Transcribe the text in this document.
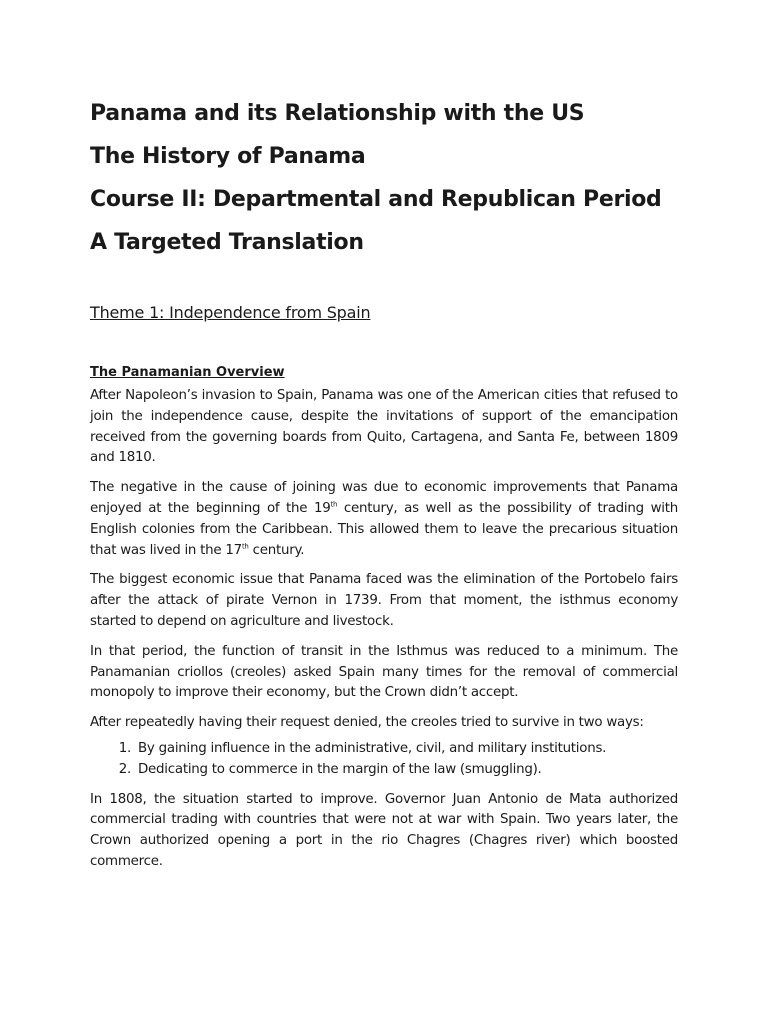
Panama and its Relationship with the US
The History of Panama
Course II: Departmental and Republican Period
A Targeted Translation
Theme 1: Independence from Spain
The Panamanian Overview

After Napoleon’s invasion to Spain, Panama was one of the American cities that refused to join the independence cause, despite the invitations of support of the emancipation received from the governing boards from Quito, Cartagena, and Santa Fe, between 1809 and 1810.

The negative in the cause of joining was due to economic improvements that Panama enjoyed at the beginning of the 19th century, as well as the possibility of trading with English colonies from the Caribbean. This allowed them to leave the precarious situation that was lived in the 17th century.

The biggest economic issue that Panama faced was the elimination of the Portobelo fairs after the attack of pirate Vernon in 1739. From that moment, the isthmus economy started to depend on agriculture and livestock.

In that period, the function of transit in the Isthmus was reduced to a minimum. The Panamanian criollos (creoles) asked Spain many times for the removal of commercial monopoly to improve their economy, but the Crown didn’t accept.

After repeatedly having their request denied, the creoles tried to survive in two ways:

1. By gaining influence in the administrative, civil, and military institutions.
2. Dedicating to commerce in the margin of the law (smuggling).

In 1808, the situation started to improve. Governor Juan Antonio de Mata authorized commercial trading with countries that were not at war with Spain. Two years later, the Crown authorized opening a port in the rio Chagres (Chagres river) which boosted commerce.
